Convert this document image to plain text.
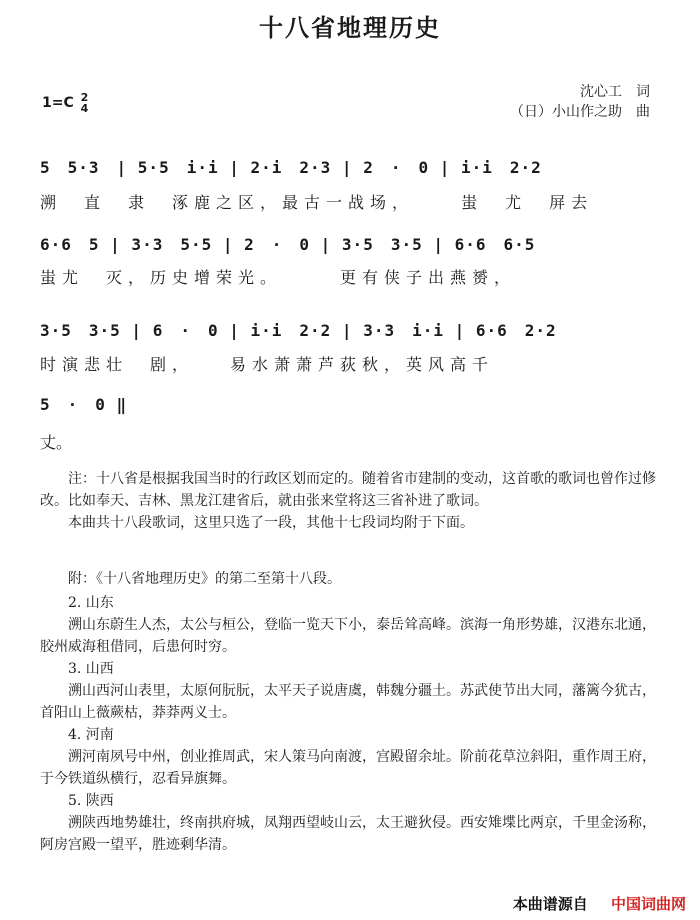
十八省地理历史
1=C 2
4
沈心工　词
（日）小山作之助　曲
5　5·3　| 5·5　i·i | 2·i　2·3 | 2　·　0 | i·i　2·2
溯　直　隶　涿鹿之区，最古一战场，　　 蚩　尤　屏去
6·6　5 | 3·3　5·5 | 2　·　0 | 3·5　3·5 | 6·6　6·5
蚩尤　灭，历史增荣光。　　　更有侠子出燕赟，
3·5　3·5 | 6　·　0 | i·i　2·2 | 3·3　i·i | 6·6　2·2
时演悲壮　剧，　　易水萧萧芦荻秋，英风高千
5　·　0 ‖
丈。

注：十八省是根据我国当时的行政区划而定的。随着省市建制的变动，这首歌的歌词也曾作过修改。比如奉天、吉林、黑龙江建省后，就由张来堂将这三省补进了歌词。

本曲共十八段歌词，这里只选了一段，其他十七段词均附于下面。

附：《十八省地理历史》的第二至第十八段。

2. 山东

溯山东蔚生人杰，太公与桓公，登临一览天下小，泰岳耸高峰。滨海一角形势雄，汉港东北通，胶州威海租借同，后患何时穷。

3. 山西

溯山西河山表里，太原何朊朊，太平天子说唐虞，韩魏分疆土。苏武使节出大同，藩篱今犹古，首阳山上薇蕨枯，莽莽两义士。

4. 河南

溯河南夙号中州，创业推周武，宋人策马向南渡，宫殿留余址。阶前花草泣斜阳，重作周王府，于今铁道纵横行，忍看异旗舞。

5. 陕西

溯陕西地势雄壮，终南拱府城，凤翔西望岐山云，太王避狄侵。西安雉堞比两京，千里金汤称，阿房宫殿一望平，胜迹剩华清。

本曲谱源自 中国词曲网
